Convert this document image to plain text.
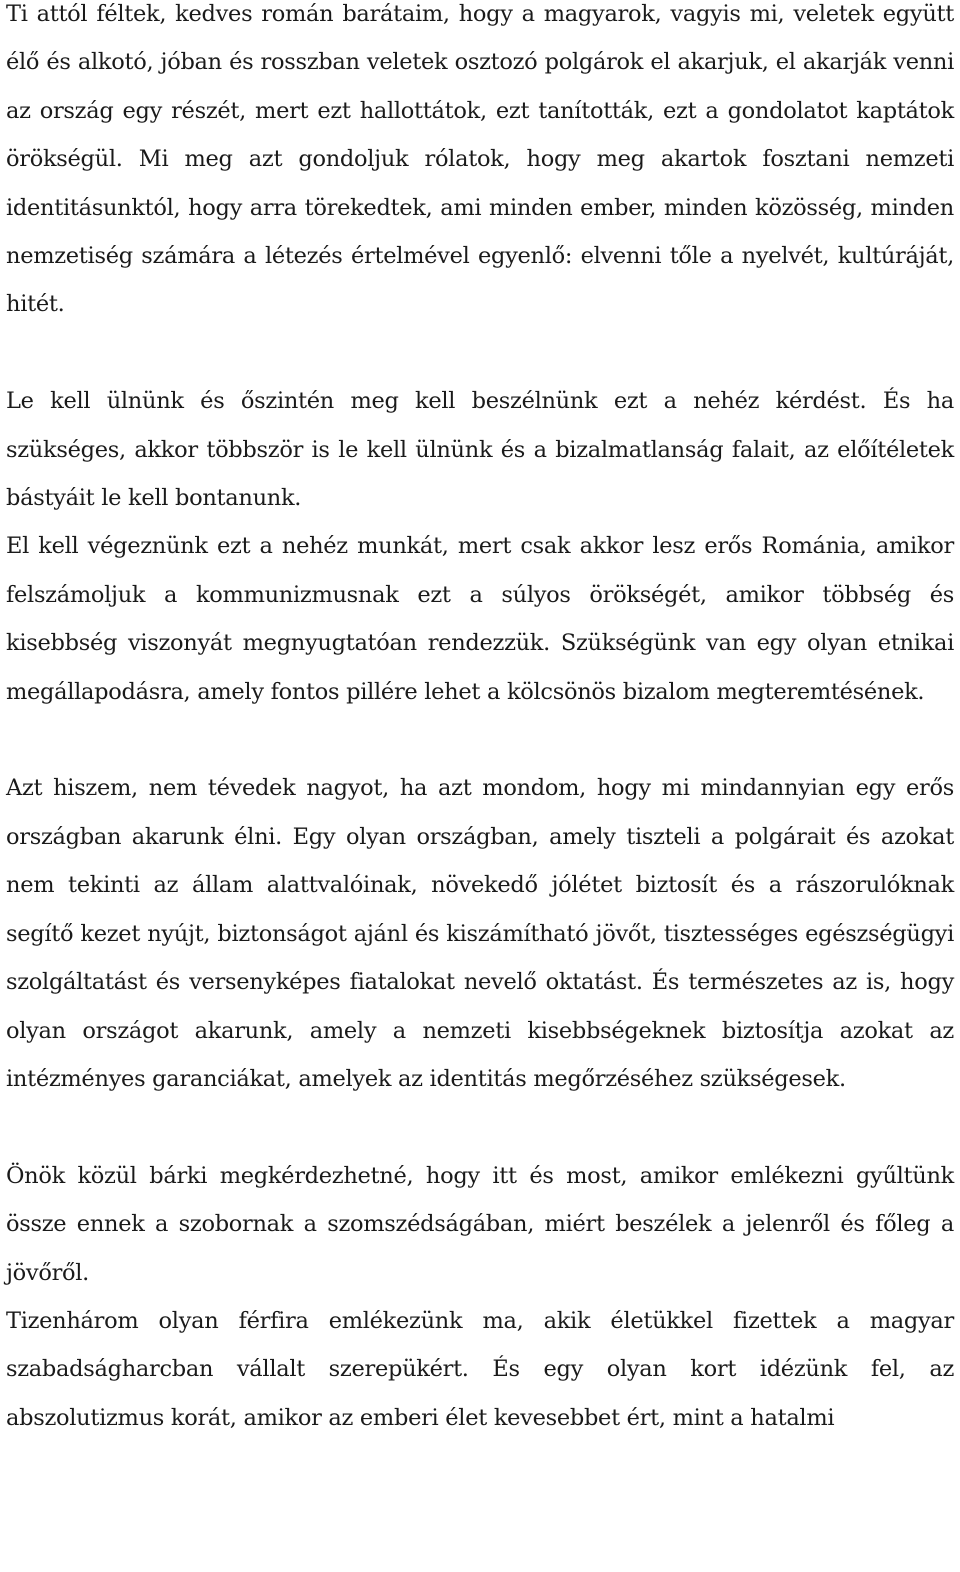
Ti attól féltek, kedves román barátaim, hogy a magyarok, vagyis mi, veletek együtt élő és alkotó, jóban és rosszban veletek osztozó polgárok el akarjuk, el akarják venni az ország egy részét, mert ezt hallottátok, ezt tanították, ezt a gondolatot kaptátok örökségül. Mi meg azt gondoljuk rólatok, hogy meg akartok fosztani nemzeti identitásunktól, hogy arra törekedtek, ami minden ember, minden közösség, minden nemzetiség számára a létezés értelmével egyenlő: elvenni tőle a nyelvét, kultúráját, hitét.

Le kell ülnünk és őszintén meg kell beszélnünk ezt a nehéz kérdést. És ha szükséges, akkor többször is le kell ülnünk és a bizalmatlanság falait, az előítéletek bástyáit le kell bontanunk.

El kell végeznünk ezt a nehéz munkát, mert csak akkor lesz erős Románia, amikor felszámoljuk a kommunizmusnak ezt a súlyos örökségét, amikor többség és kisebbség viszonyát megnyugtatóan rendezzük. Szükségünk van egy olyan etnikai megállapodásra, amely fontos pillére lehet a kölcsönös bizalom megteremtésének.

Azt hiszem, nem tévedek nagyot, ha azt mondom, hogy mi mindannyian egy erős országban akarunk élni. Egy olyan országban, amely tiszteli a polgárait és azokat nem tekinti az állam alattvalóinak, növekedő jólétet biztosít és a rászorulóknak segítő kezet nyújt, biztonságot ajánl és kiszámítható jövőt, tisztességes egészségügyi szolgáltatást és versenyképes fiatalokat nevelő oktatást. És természetes az is, hogy olyan országot akarunk, amely a nemzeti kisebbségeknek biztosítja azokat az intézményes garanciákat, amelyek az identitás megőrzéséhez szükségesek.

Önök közül bárki megkérdezhetné, hogy itt és most, amikor emlékezni gyűltünk össze ennek a szobornak a szomszédságában, miért beszélek a jelenről és főleg a jövőről.

Tizenhárom olyan férfira emlékezünk ma, akik életükkel fizettek a magyar szabadságharcban vállalt szerepükért. És egy olyan kort idézünk fel, az abszolutizmus korát, amikor az emberi élet kevesebbet ért, mint a hatalmi
